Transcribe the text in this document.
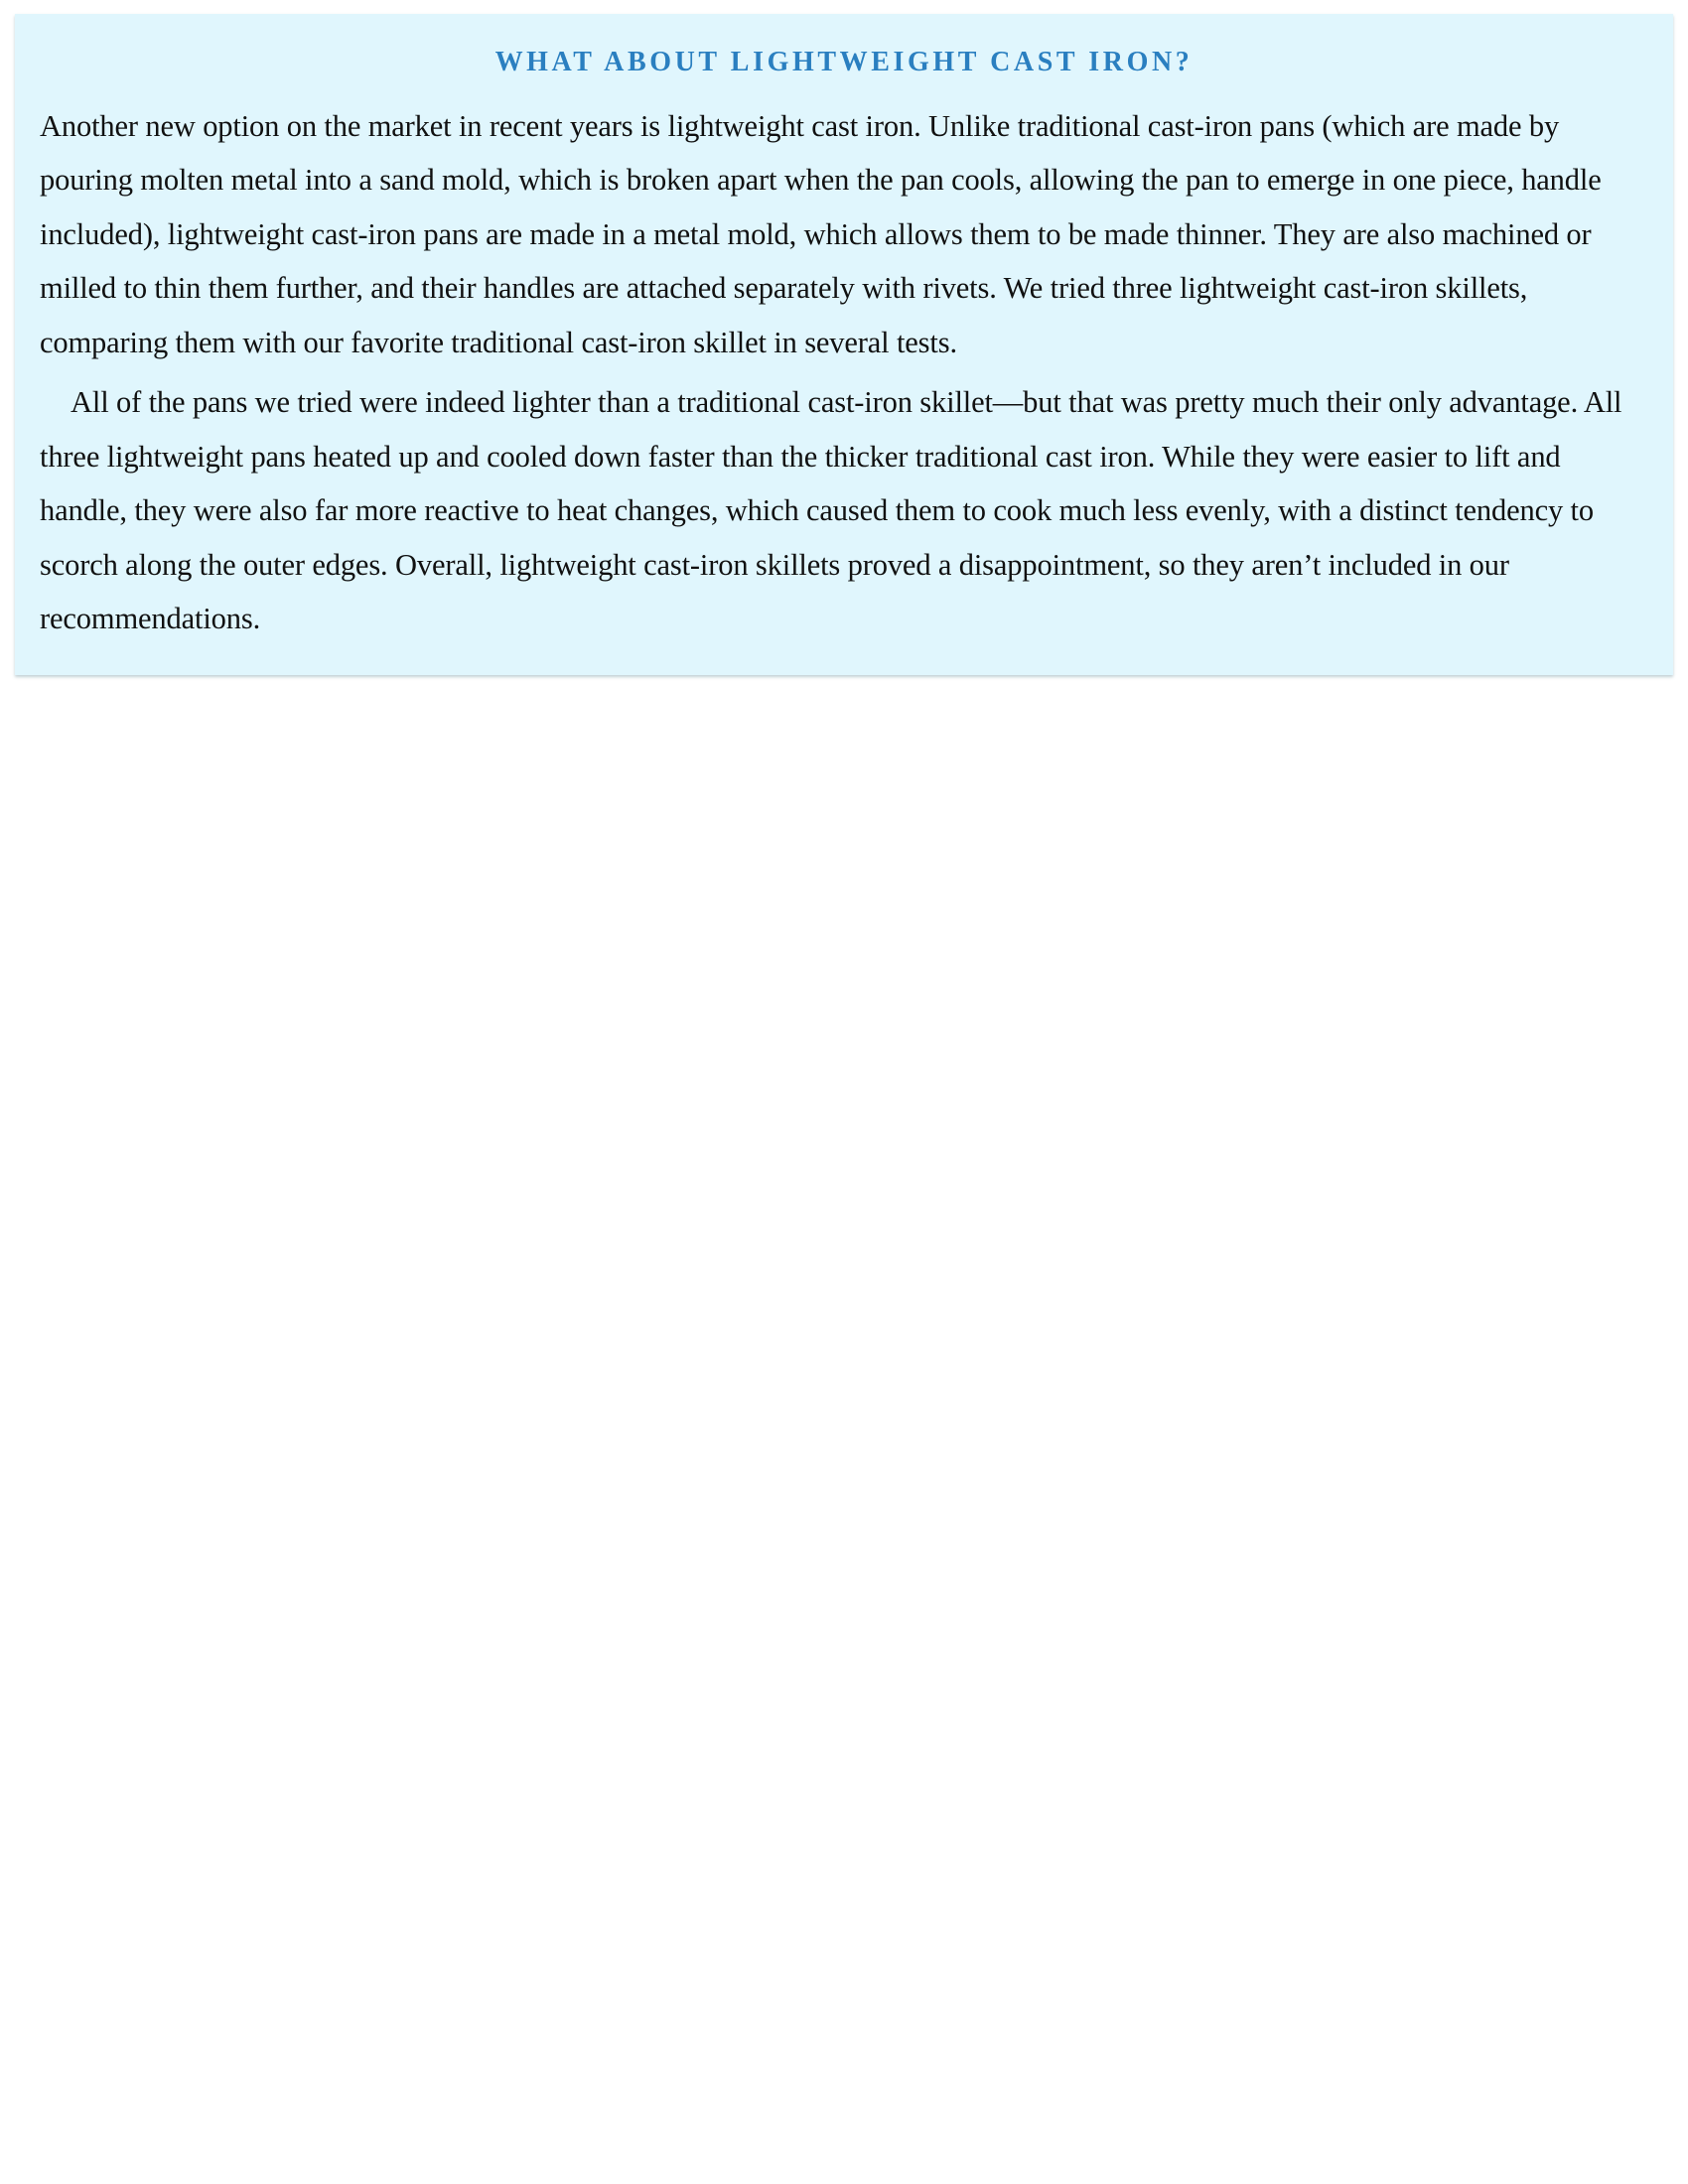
WHAT ABOUT LIGHTWEIGHT CAST IRON?

Another new option on the market in recent years is lightweight cast iron. Unlike traditional cast-iron pans (which are made by pouring molten metal into a sand mold, which is broken apart when the pan cools, allowing the pan to emerge in one piece, handle included), lightweight cast-iron pans are made in a metal mold, which allows them to be made thinner. They are also machined or milled to thin them further, and their handles are attached separately with rivets. We tried three lightweight cast-iron skillets, comparing them with our favorite traditional cast-iron skillet in several tests.

All of the pans we tried were indeed lighter than a traditional cast-iron skillet—but that was pretty much their only advantage. All three lightweight pans heated up and cooled down faster than the thicker traditional cast iron. While they were easier to lift and handle, they were also far more reactive to heat changes, which caused them to cook much less evenly, with a distinct tendency to scorch along the outer edges. Overall, lightweight cast-iron skillets proved a disappointment, so they aren’t included in our recommendations.
